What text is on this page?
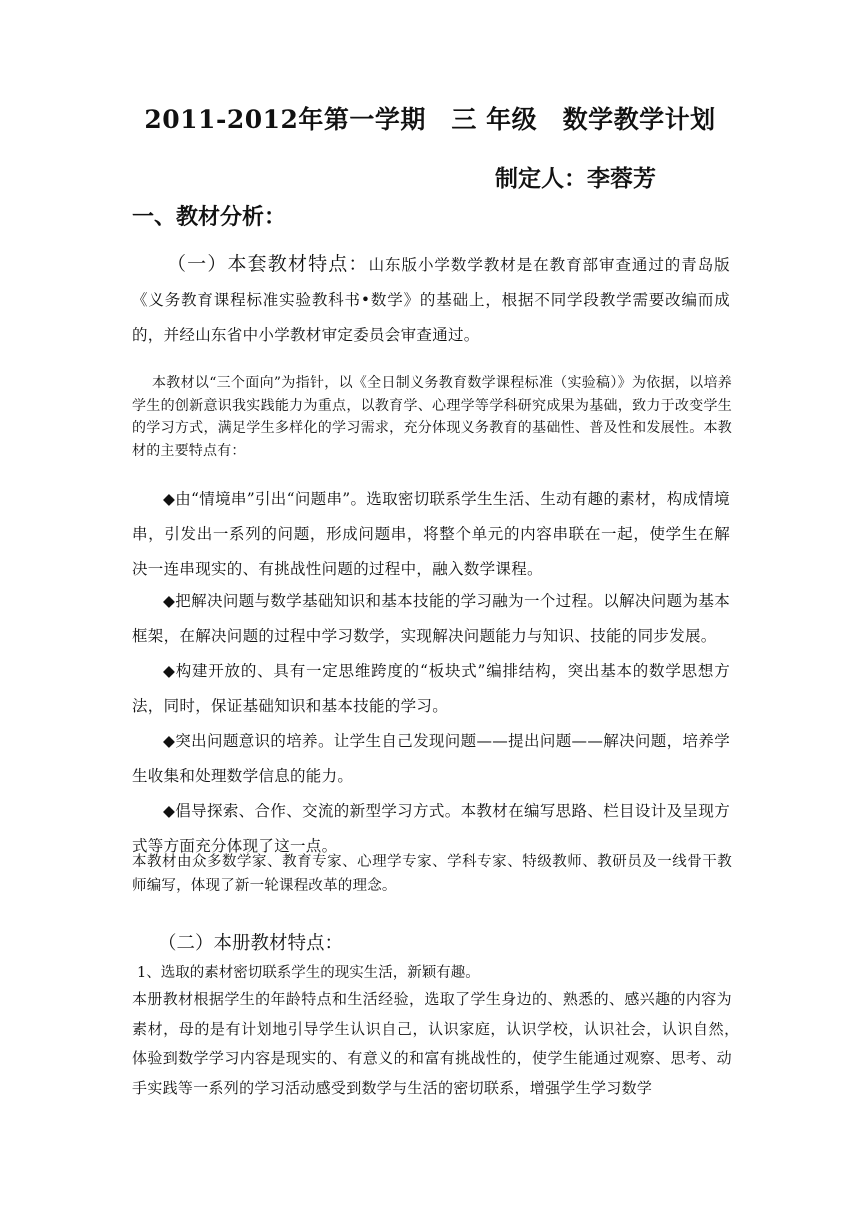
2011-2012年第一学期　三 年级　数学教学计划

制定人：李蓉芳

一、教材分析：

（一）本套教材特点：山东版小学数学教材是在教育部审查通过的青岛版《义务教育课程标准实验教科书•数学》的基础上，根据不同学段教学需要改编而成的，并经山东省中小学教材审定委员会审查通过。

本教材以“三个面向”为指针，以《全日制义务教育数学课程标准（实验稿）》为依据，以培养学生的创新意识我实践能力为重点，以教育学、心理学等学科研究成果为基础，致力于改变学生的学习方式，满足学生多样化的学习需求，充分体现义务教育的基础性、普及性和发展性。本教材的主要特点有：

◆由“情境串”引出“问题串”。选取密切联系学生生活、生动有趣的素材，构成情境串，引发出一系列的问题，形成问题串，将整个单元的内容串联在一起，使学生在解决一连串现实的、有挑战性问题的过程中，融入数学课程。

◆把解决问题与数学基础知识和基本技能的学习融为一个过程。以解决问题为基本框架，在解决问题的过程中学习数学，实现解决问题能力与知识、技能的同步发展。

◆构建开放的、具有一定思维跨度的“板块式”编排结构，突出基本的数学思想方法，同时，保证基础知识和基本技能的学习。

◆突出问题意识的培养。让学生自己发现问题——提出问题——解决问题，培养学生收集和处理数学信息的能力。

◆倡导探索、合作、交流的新型学习方式。本教材在编写思路、栏目设计及呈现方式等方面充分体现了这一点。

本教材由众多数学家、教育专家、心理学专家、学科专家、特级教师、教研员及一线骨干教师编写，体现了新一轮课程改革的理念。

（二）本册教材特点：

1、选取的素材密切联系学生的现实生活，新颖有趣。

本册教材根据学生的年龄特点和生活经验，选取了学生身边的、熟悉的、感兴趣的内容为素材，母的是有计划地引导学生认识自己，认识家庭，认识学校，认识社会，认识自然，　体验到数学学习内容是现实的、有意义的和富有挑战性的，使学生能通过观察、思考、动手实践等一系列的学习活动感受到数学与生活的密切联系，增强学生学习数学
